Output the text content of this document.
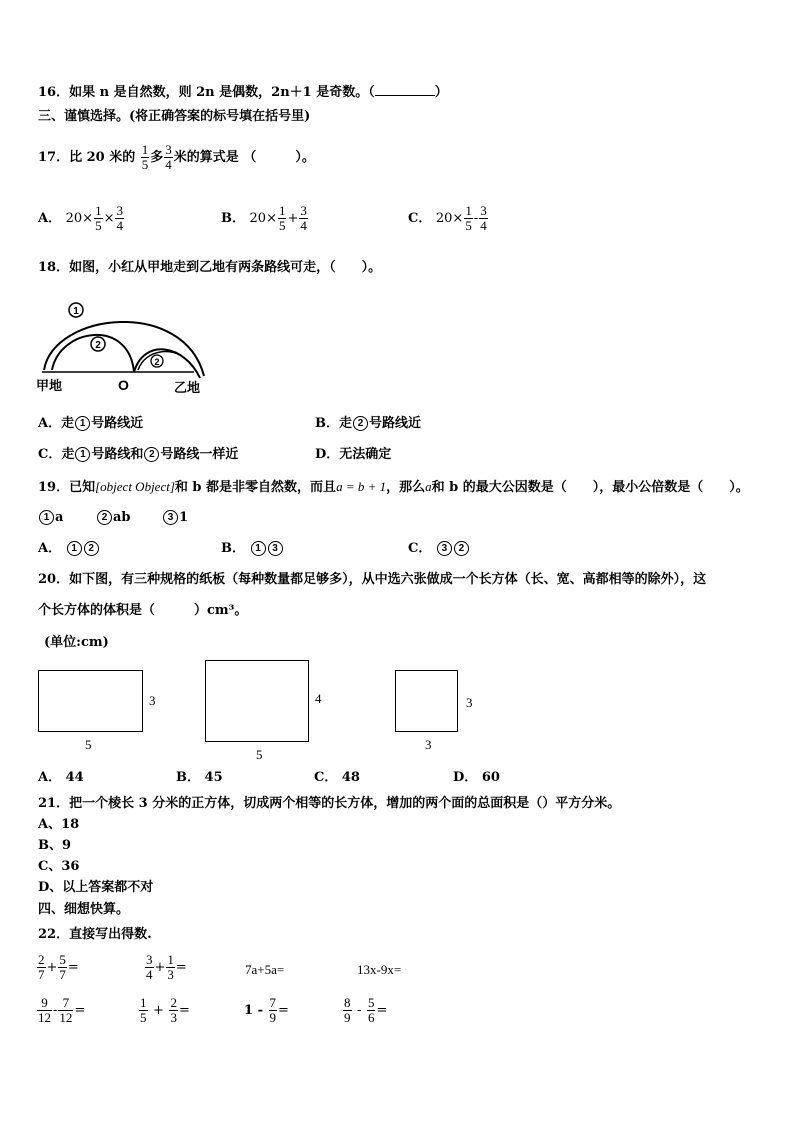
16．如果 n 是自然数，则 2n 是偶数，2n＋1 是奇数。（	）
三、谨慎选择。(将正确答案的标号填在括号里)
17．比 20 米的 $\frac{1}{5}$ 多 $\frac{3}{4}$ 米的算式是 （　　　）。
A． $20\times \frac{1}{5} \times \frac{3}{4}$	B． $20\times \frac{1}{5} + \frac{3}{4}$	C． $20\times \frac{1}{5} - \frac{3}{4}$
18．如图，小红从甲地走到乙地有两条路线可走，（　　）。
1
2
2
甲地	O	乙地
A．走 1 号路线近	B．走 2 号路线近
C．走 1 号路线和 2 号路线一样近	D．无法确定
19．已知[object Object]和 b 都是非零自然数，而且a = b + 1，那么a和 b 的最大公因数是（　　），最小公倍数是（　　）。
1 a	2 ab	3 1
A． 1 2	B． 1 3	C． 3 2
20．如下图，有三种规格的纸板（每种数量都足够多），从中选六张做成一个长方体（长、宽、高都相等的除外），这
个长方体的体积是（　　　）cm³。
(单位:cm)
3
5
4
5
3
3
A． 44	B． 45	C． 48	D． 60
21．把一个棱长 3 分米的正方体，切成两个相等的长方体，增加的两个面的总面积是（）平方分米。
A、18
B、9
C、36
D、以上答案都不对
四、细想快算。
22．直接写出得数.
$\frac{2}{7} + \frac{5}{7}$ =	$\frac{3}{4} + \frac{1}{3}$ =	7a+5a=	13x-9x=
$\frac{9}{12} - \frac{7}{12}$ =	$\frac{1}{5} + \frac{2}{3}$ =	$1 - \frac{7}{9}$ =	$\frac{8}{9} - \frac{5}{6}$ =
